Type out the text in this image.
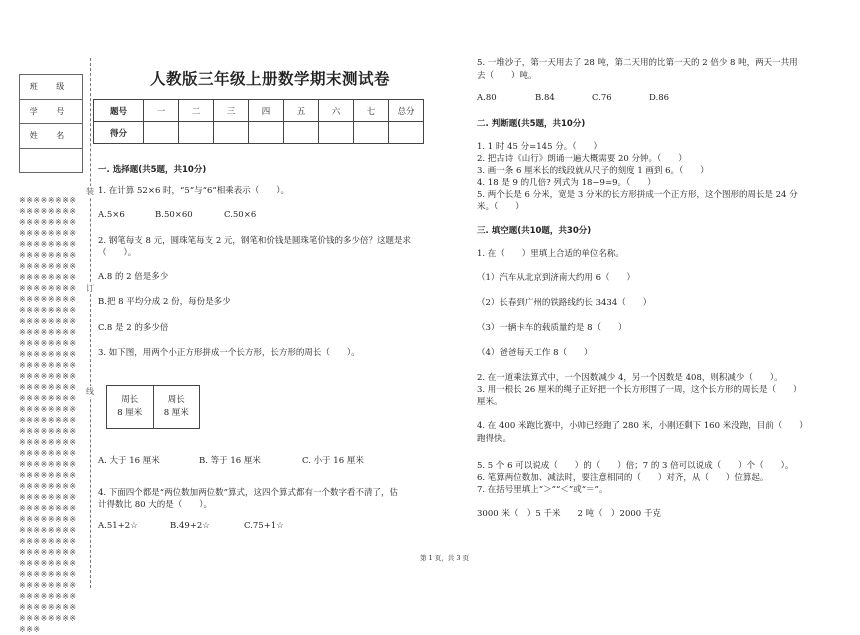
班 级
学 号
姓 名
※※※※※※※※※※※※※※※※※※※※※※※※※※※※※※※※※※※※※※※※※※※※※※※※※※※※※※※※※※※※※※※※※※※※※※※※※※※※※※※※※※※※※※※※※※※※※※※※※※※※※※※※※※※※※※※※※※※※※※※※※※※※※※※※※※※※※※※※※※※※※※※※※※※※※※※※※※※※※※※※※※※※※※※※※※※※※※※※※※※※※※※※※※※※※※※※※※※※※※※※※※※※※※※※※※※※※※※※※※※※※※※※※※※※※※※※※※※※※※※※※※※※※※※※※※※※※※※※※※※※※※※※※※※※※※※※※※※※※※※※※※※※※※※※※※※※※※※※※※※※※※※※※※※※※※※※※※※
装
订
线
人教版三年级上册数学期末测试卷
题号	一	二	三	四	五	六	七	总分
得分								
一. 选择题(共5题，共10分)
1. 在计算 52×6 时，“5”与“6”相乘表示（　　）。
A.5×6	B.50×60	C.50×6
2. 钢笔每支 8 元，圆珠笔每支 2 元，钢笔和价钱是圆珠笔价钱的多少倍？这题是求
（　　）。
A.8 的 2 倍是多少
B.把 8 平均分成 2 份，每份是多少
C.8 是 2 的多少倍
3. 如下图，用两个小正方形拼成一个长方形，长方形的周长（　　）。
周长
8 厘米
周长
8 厘米
A. 大于 16 厘米	B. 等于 16 厘米	C. 小于 16 厘米
4. 下面四个都是“两位数加两位数”算式，这四个算式都有一个数字看不清了，估
计得数比 80 大的是（　　）。
A.51+2☆	B.49+2☆	C.75+1☆
5. 一堆沙子，第一天用去了 28 吨，第二天用的比第一天的 2 倍少 8 吨，两天一共用
去（　　）吨。
A.80	B.84	C.76	D.86
二. 判断题(共5题，共10分)
1. 1 时 45 分=145 分。（　　）
2. 把古诗《山行》朗诵一遍大概需要 20 分钟。（　　）
3. 画一条 6 厘米长的线段就从尺子的刻度 1 画到 6。（　　）
4. 18 是 9 的几倍? 列式为 18−9=9。（　　）
5. 两个长是 6 分米，宽是 3 分米的长方形拼成一个正方形，这个图形的周长是 24 分
米。（　　）
三. 填空题(共10题，共30分)
1. 在（　　）里填上合适的单位名称。
（1）汽车从北京到济南大约用 6（　　）
（2）长春到广州的铁路线约长 3434（　　）
（3）一辆卡车的载质量约是 8（　　）
（4）爸爸每天工作 8（　　）
2. 在一道乘法算式中，一个因数减少 4，另一个因数是 408，则积减少（　　）。
3. 用一根长 26 厘米的绳子正好把一个长方形围了一周，这个长方形的周长是（　　）
厘米。
4. 在 400 米跑比赛中，小帅已经跑了 280 米，小刚还剩下 160 米没跑，目前（　　）
跑得快。
5. 5 个 6 可以说成（　　）的（　　）倍；7 的 3 倍可以说成（　　）个（　　）。
6. 笔算两位数加、减法时，要注意相同的（　　）对齐，从（　　）位算起。
7. 在括号里填上“＞”“＜”或“＝”。
3000 米（　）5 千米　　2 吨（　）2000 千克
第 1 页，共 3 页
